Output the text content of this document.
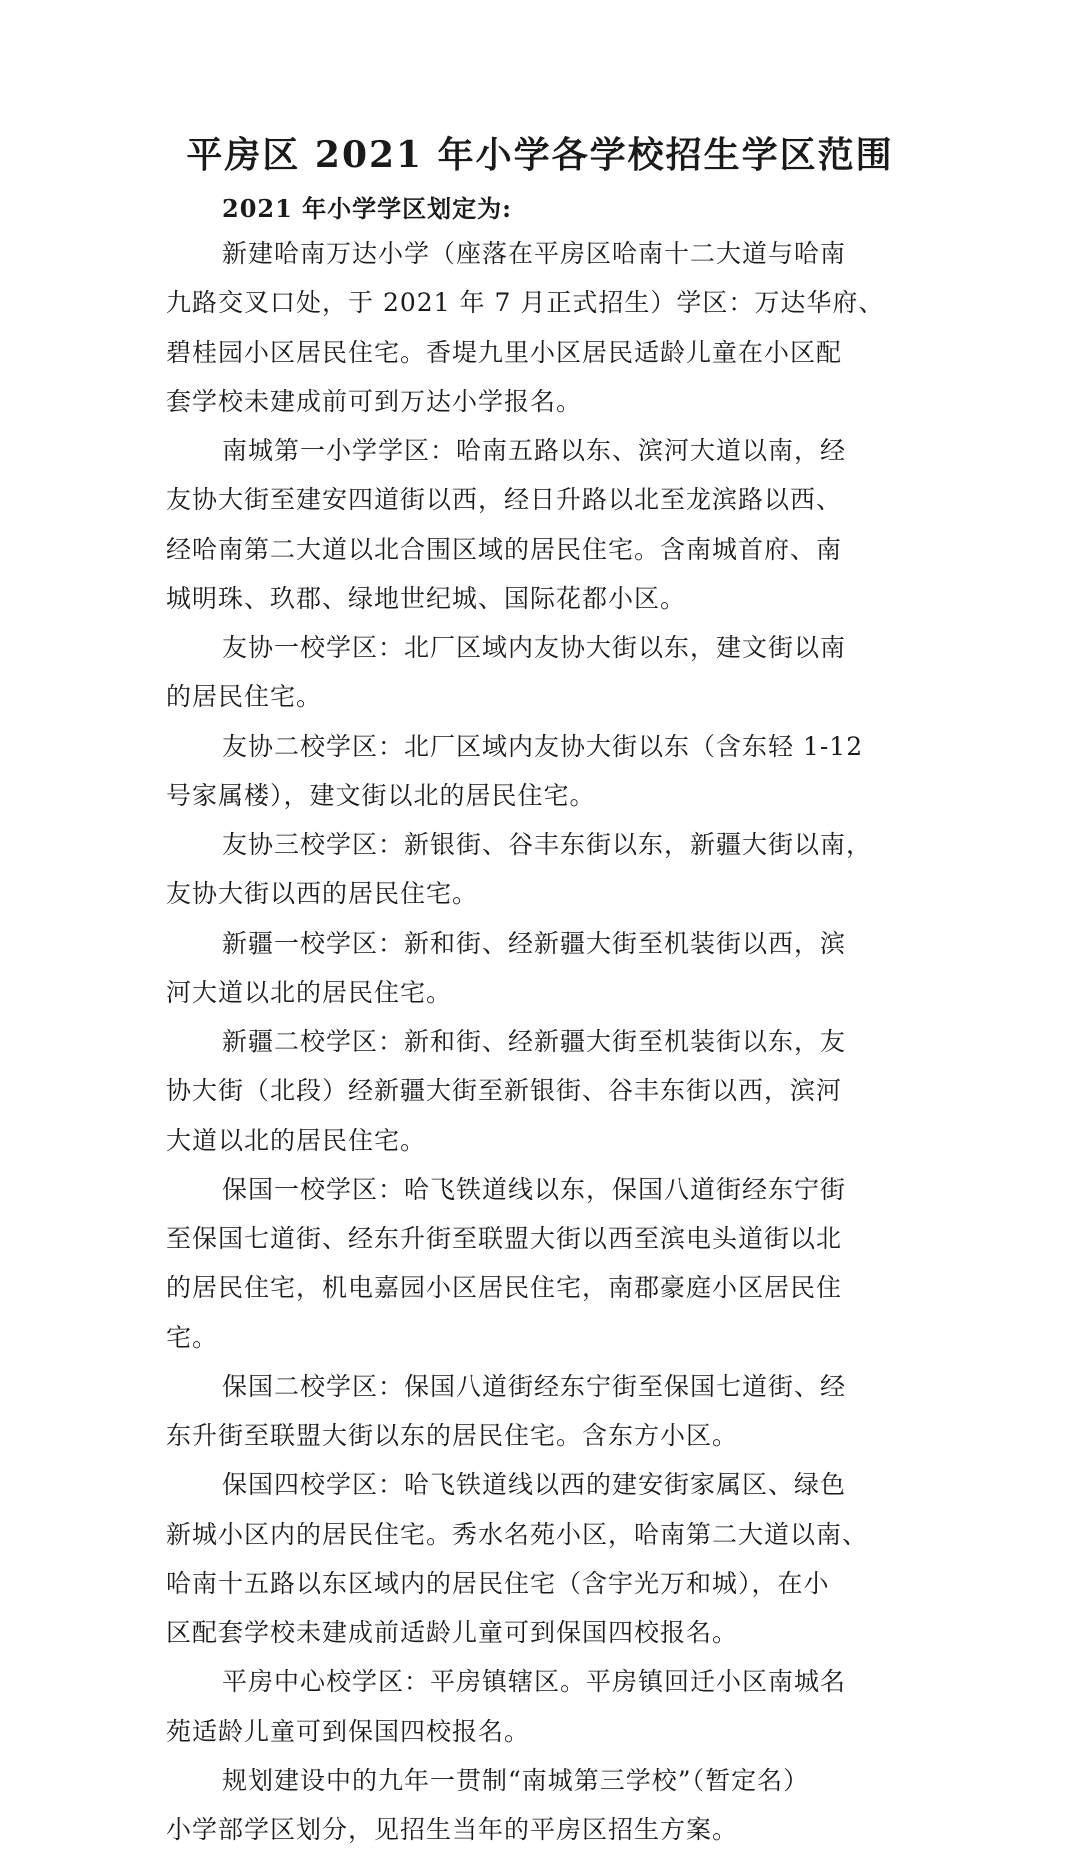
平房区 2021 年小学各学校招生学区范围
2021 年小学学区划定为:
新建哈南万达小学（座落在平房区哈南十二大道与哈南
九路交叉口处，于 2021 年 7 月正式招生）学区：万达华府、
碧桂园小区居民住宅。香堤九里小区居民适龄儿童在小区配
套学校未建成前可到万达小学报名。
南城第一小学学区：哈南五路以东、滨河大道以南，经
友协大街至建安四道街以西，经日升路以北至龙滨路以西、
经哈南第二大道以北合围区域的居民住宅。含南城首府、南
城明珠、玖郡、绿地世纪城、国际花都小区。
友协一校学区：北厂区域内友协大街以东，建文街以南
的居民住宅。
友协二校学区：北厂区域内友协大街以东（含东轻 1-12
号家属楼），建文街以北的居民住宅。
友协三校学区：新银街、谷丰东街以东，新疆大街以南，
友协大街以西的居民住宅。
新疆一校学区：新和街、经新疆大街至机装街以西，滨
河大道以北的居民住宅。
新疆二校学区：新和街、经新疆大街至机装街以东，友
协大街（北段）经新疆大街至新银街、谷丰东街以西，滨河
大道以北的居民住宅。
保国一校学区：哈飞铁道线以东，保国八道街经东宁街
至保国七道街、经东升街至联盟大街以西至滨电头道街以北
的居民住宅，机电嘉园小区居民住宅，南郡豪庭小区居民住
宅。
保国二校学区：保国八道街经东宁街至保国七道街、经
东升街至联盟大街以东的居民住宅。含东方小区。
保国四校学区：哈飞铁道线以西的建安街家属区、绿色
新城小区内的居民住宅。秀水名苑小区，哈南第二大道以南、
哈南十五路以东区域内的居民住宅（含宇光万和城），在小
区配套学校未建成前适龄儿童可到保国四校报名。
平房中心校学区：平房镇辖区。平房镇回迁小区南城名
苑适龄儿童可到保国四校报名。
规划建设中的九年一贯制“南城第三学校”（暂定名）
小学部学区划分，见招生当年的平房区招生方案。
